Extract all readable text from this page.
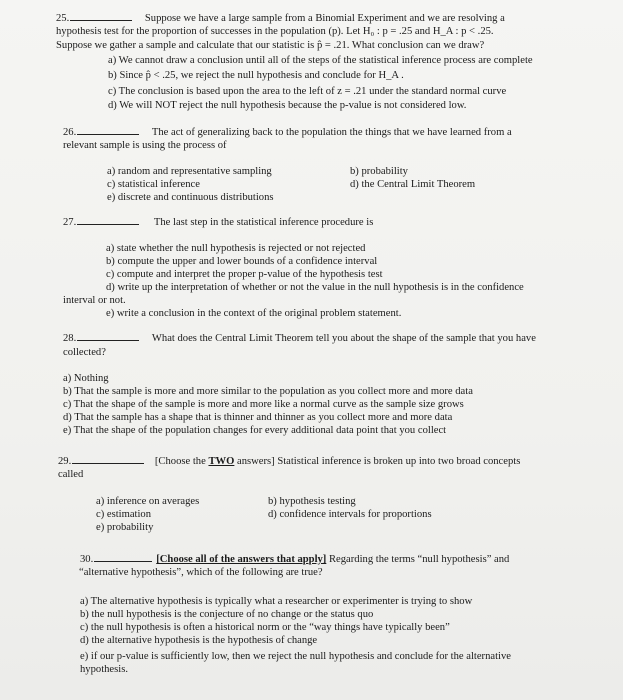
25.	Suppose we have a large sample from a Binomial Experiment and we are resolving a
hypothesis test for the proportion of successes in the population (p). Let H₀ : p = .25 and H_A : p < .25.
Suppose we gather a sample and calculate that our statistic is p̂ = .21. What conclusion can we draw?
a) We cannot draw a conclusion until all of the steps of the statistical inference process are complete
b) Since p̂ < .25, we reject the null hypothesis and conclude for H_A .
c) The conclusion is based upon the area to the left of z = .21 under the standard normal curve
d) We will NOT reject the null hypothesis because the p-value is not considered low.
26.	The act of generalizing back to the population the things that we have learned from a
relevant sample is using the process of
a) random and representative sampling	b) probability
c) statistical inference	d) the Central Limit Theorem
e) discrete and continuous distributions
27.	The last step in the statistical inference procedure is
a) state whether the null hypothesis is rejected or not rejected
b) compute the upper and lower bounds of a confidence interval
c) compute and interpret the proper p-value of the hypothesis test
d) write up the interpretation of whether or not the value in the null hypothesis is in the confidence
interval or not.
e) write a conclusion in the context of the original problem statement.
28.	What does the Central Limit Theorem tell you about the shape of the sample that you have
collected?
a) Nothing
b) That the sample is more and more similar to the population as you collect more and more data
c) That the shape of the sample is more and more like a normal curve as the sample size grows
d) That the sample has a shape that is thinner and thinner as you collect more and more data
e) That the shape of the population changes for every additional data point that you collect
29.	[Choose the TWO answers] Statistical inference is broken up into two broad concepts
called
a) inference on averages	b) hypothesis testing
c) estimation	d) confidence intervals for proportions
e) probability
30.	[Choose all of the answers that apply] Regarding the terms “null hypothesis” and
“alternative hypothesis”, which of the following are true?
a) The alternative hypothesis is typically what a researcher or experimenter is trying to show
b) the null hypothesis is the conjecture of no change or the status quo
c) the null hypothesis is often a historical norm or the “way things have typically been”
d) the alternative hypothesis is the hypothesis of change
e) if our p-value is sufficiently low, then we reject the null hypothesis and conclude for the alternative
hypothesis.
